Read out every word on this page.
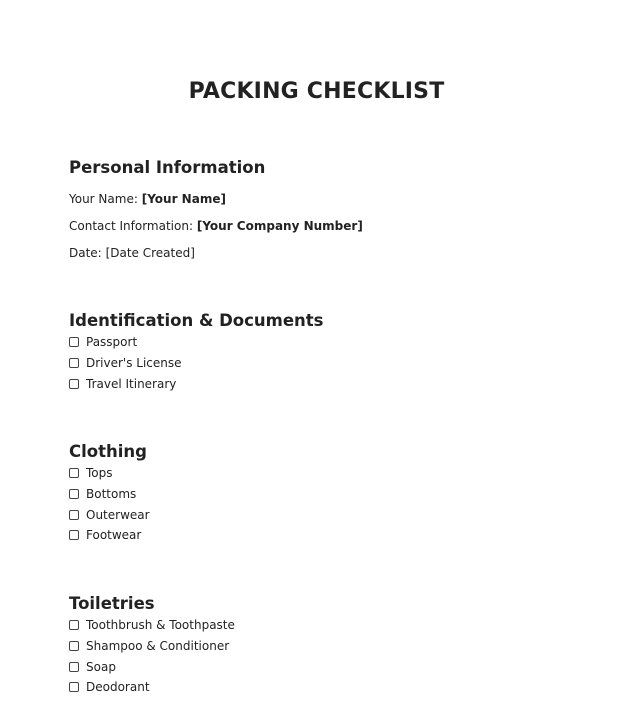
PACKING CHECKLIST
Personal Information
Your Name: [Your Name]
Contact Information: [Your Company Number]
Date: [Date Created]
Identification & Documents
Passport
Driver's License
Travel Itinerary
Clothing
Tops
Bottoms
Outerwear
Footwear
Toiletries
Toothbrush & Toothpaste
Shampoo & Conditioner
Soap
Deodorant
